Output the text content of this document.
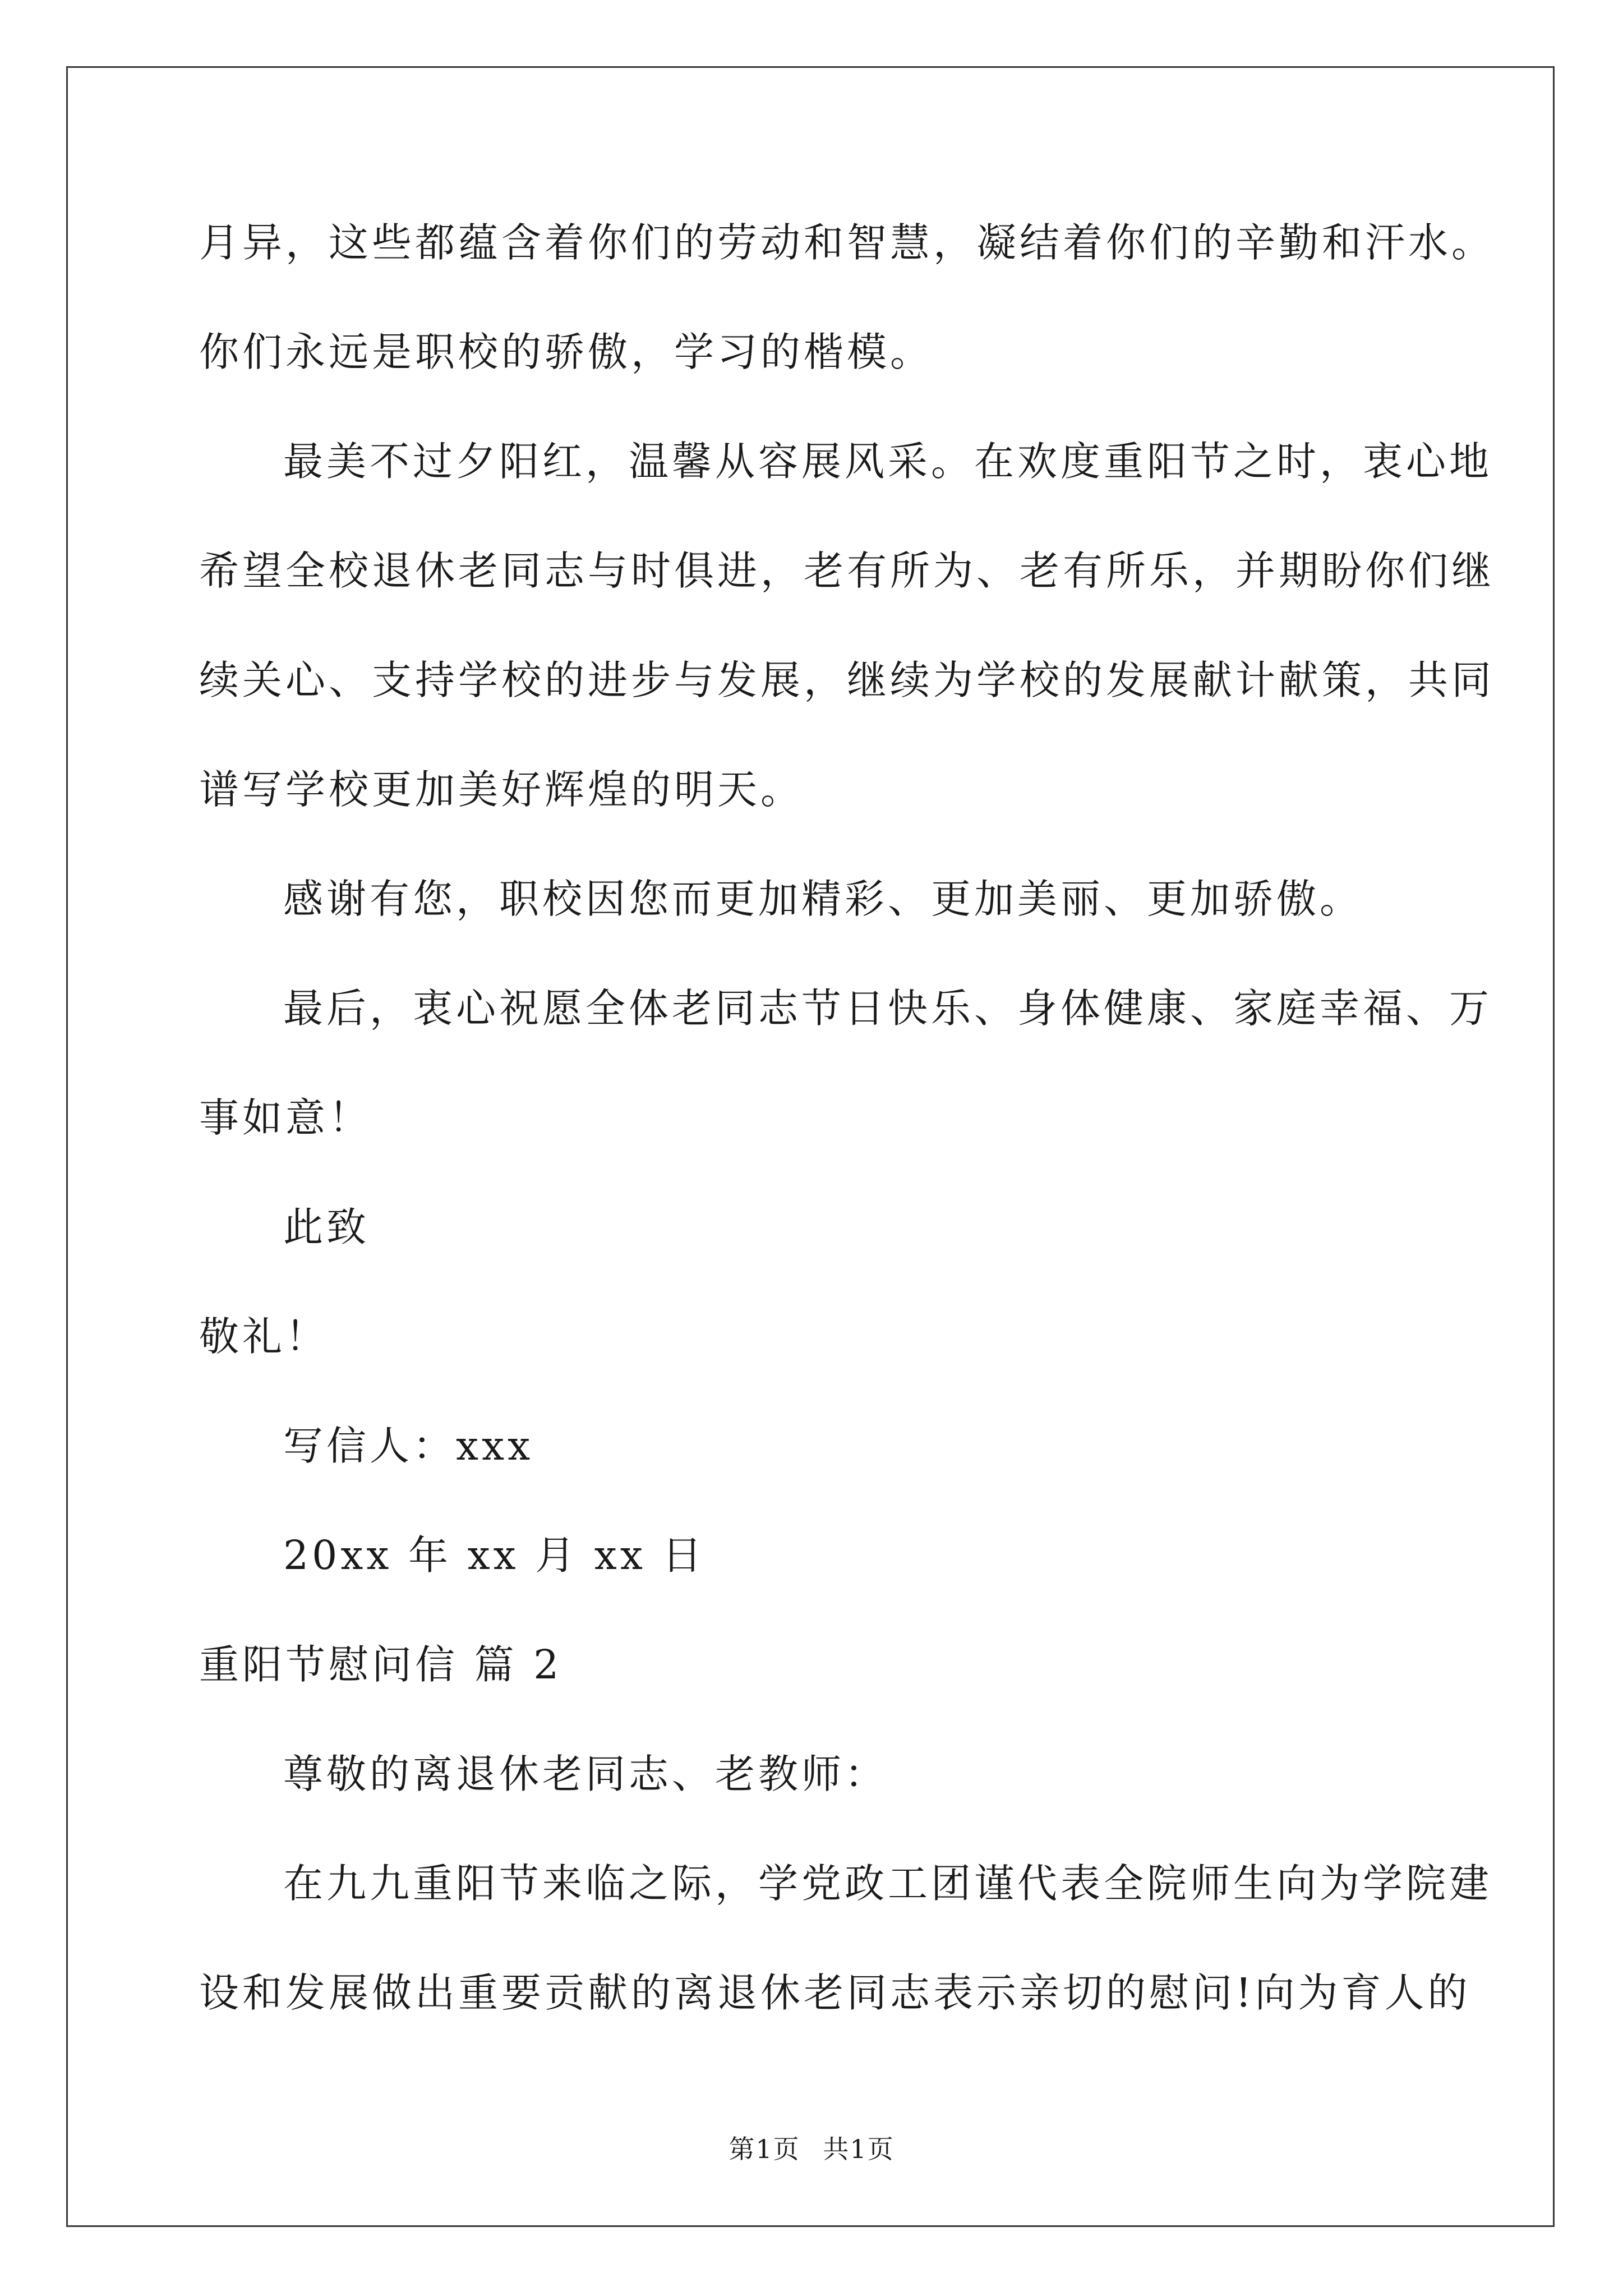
月异，这些都蕴含着你们的劳动和智慧，凝结着你们的辛勤和汗水。

你们永远是职校的骄傲，学习的楷模。

最美不过夕阳红，温馨从容展风采。在欢度重阳节之时，衷心地

希望全校退休老同志与时俱进，老有所为、老有所乐，并期盼你们继

续关心、支持学校的进步与发展，继续为学校的发展献计献策，共同

谱写学校更加美好辉煌的明天。

感谢有您，职校因您而更加精彩、更加美丽、更加骄傲。

最后，衷心祝愿全体老同志节日快乐、身体健康、家庭幸福、万

事如意！

此致

敬礼！

写信人：xxx

20xx 年 xx 月 xx 日

重阳节慰问信 篇 2

尊敬的离退休老同志、老教师：

在九九重阳节来临之际，学党政工团谨代表全院师生向为学院建

设和发展做出重要贡献的离退休老同志表示亲切的慰问!向为育人的

第1页 共1页
